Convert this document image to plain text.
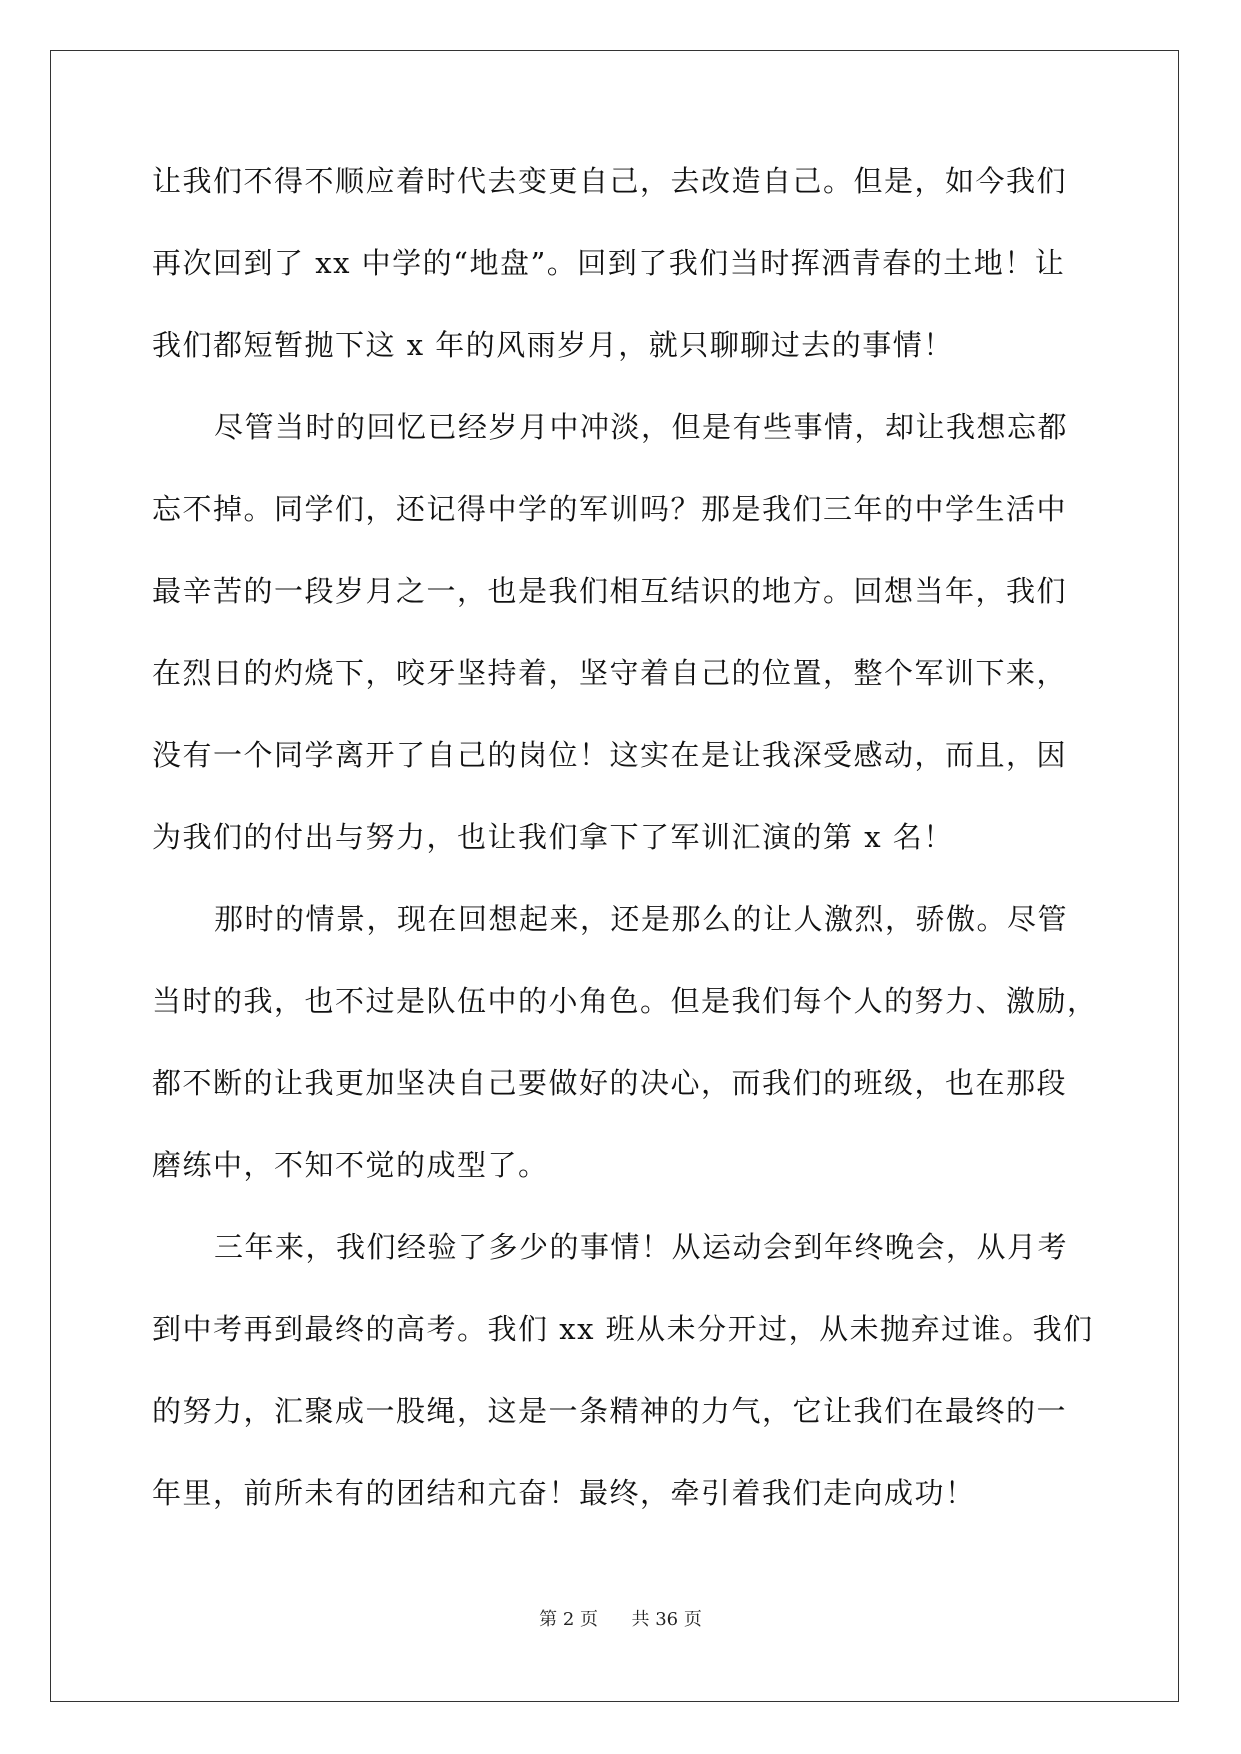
让我们不得不顺应着时代去变更自己，去改造自己。但是，如今我们
再次回到了 xx 中学的“地盘”。回到了我们当时挥洒青春的土地！让
我们都短暂抛下这 x 年的风雨岁月，就只聊聊过去的事情！
尽管当时的回忆已经岁月中冲淡，但是有些事情，却让我想忘都
忘不掉。同学们，还记得中学的军训吗？那是我们三年的中学生活中
最辛苦的一段岁月之一，也是我们相互结识的地方。回想当年，我们
在烈日的灼烧下，咬牙坚持着，坚守着自己的位置，整个军训下来，
没有一个同学离开了自己的岗位！这实在是让我深受感动，而且，因
为我们的付出与努力，也让我们拿下了军训汇演的第 x 名！
那时的情景，现在回想起来，还是那么的让人激烈，骄傲。尽管
当时的我，也不过是队伍中的小角色。但是我们每个人的努力、激励，
都不断的让我更加坚决自己要做好的决心，而我们的班级，也在那段
磨练中，不知不觉的成型了。
三年来，我们经验了多少的事情！从运动会到年终晚会，从月考
到中考再到最终的高考。我们 xx 班从未分开过，从未抛弃过谁。我们
的努力，汇聚成一股绳，这是一条精神的力气，它让我们在最终的一
年里，前所未有的团结和亢奋！最终，牵引着我们走向成功！
第 2 页 共 36 页
